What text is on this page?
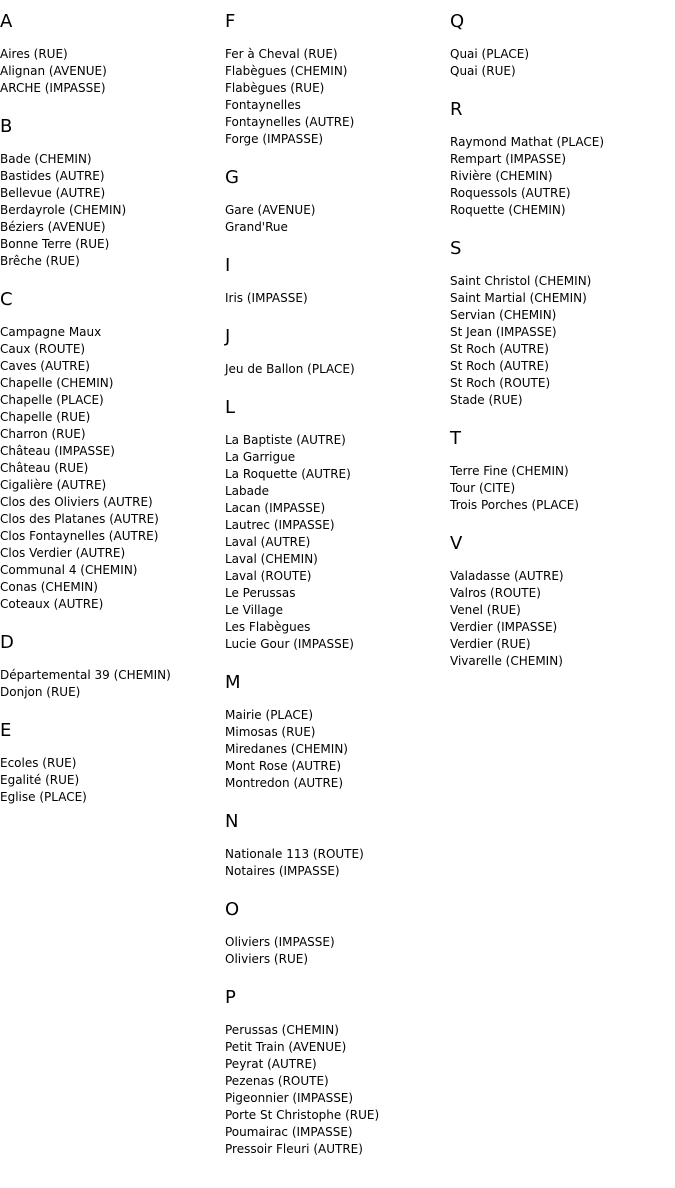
A
Aires (RUE)
Alignan (AVENUE)
ARCHE (IMPASSE)
B
Bade (CHEMIN)
Bastides (AUTRE)
Bellevue (AUTRE)
Berdayrole (CHEMIN)
Béziers (AVENUE)
Bonne Terre (RUE)
Brêche (RUE)
C
Campagne Maux
Caux (ROUTE)
Caves (AUTRE)
Chapelle (CHEMIN)
Chapelle (PLACE)
Chapelle (RUE)
Charron (RUE)
Château (IMPASSE)
Château (RUE)
Cigalière (AUTRE)
Clos des Oliviers (AUTRE)
Clos des Platanes (AUTRE)
Clos Fontaynelles (AUTRE)
Clos Verdier (AUTRE)
Communal 4 (CHEMIN)
Conas (CHEMIN)
Coteaux (AUTRE)
D
Départemental 39 (CHEMIN)
Donjon (RUE)
E
Ecoles (RUE)
Egalité (RUE)
Eglise (PLACE)
F
Fer à Cheval (RUE)
Flabègues (CHEMIN)
Flabègues (RUE)
Fontaynelles
Fontaynelles (AUTRE)
Forge (IMPASSE)
G
Gare (AVENUE)
Grand'Rue
I
Iris (IMPASSE)
J
Jeu de Ballon (PLACE)
L
La Baptiste (AUTRE)
La Garrigue
La Roquette (AUTRE)
Labade
Lacan (IMPASSE)
Lautrec (IMPASSE)
Laval (AUTRE)
Laval (CHEMIN)
Laval (ROUTE)
Le Perussas
Le Village
Les Flabègues
Lucie Gour (IMPASSE)
M
Mairie (PLACE)
Mimosas (RUE)
Miredanes (CHEMIN)
Mont Rose (AUTRE)
Montredon (AUTRE)
N
Nationale 113 (ROUTE)
Notaires (IMPASSE)
O
Oliviers (IMPASSE)
Oliviers (RUE)
P
Perussas (CHEMIN)
Petit Train (AVENUE)
Peyrat (AUTRE)
Pezenas (ROUTE)
Pigeonnier (IMPASSE)
Porte St Christophe (RUE)
Poumairac (IMPASSE)
Pressoir Fleuri (AUTRE)
Q
Quai (PLACE)
Quai (RUE)
R
Raymond Mathat (PLACE)
Rempart (IMPASSE)
Rivière (CHEMIN)
Roquessols (AUTRE)
Roquette (CHEMIN)
S
Saint Christol (CHEMIN)
Saint Martial (CHEMIN)
Servian (CHEMIN)
St Jean (IMPASSE)
St Roch (AUTRE)
St Roch (AUTRE)
St Roch (ROUTE)
Stade (RUE)
T
Terre Fine (CHEMIN)
Tour (CITE)
Trois Porches (PLACE)
V
Valadasse (AUTRE)
Valros (ROUTE)
Venel (RUE)
Verdier (IMPASSE)
Verdier (RUE)
Vivarelle (CHEMIN)
